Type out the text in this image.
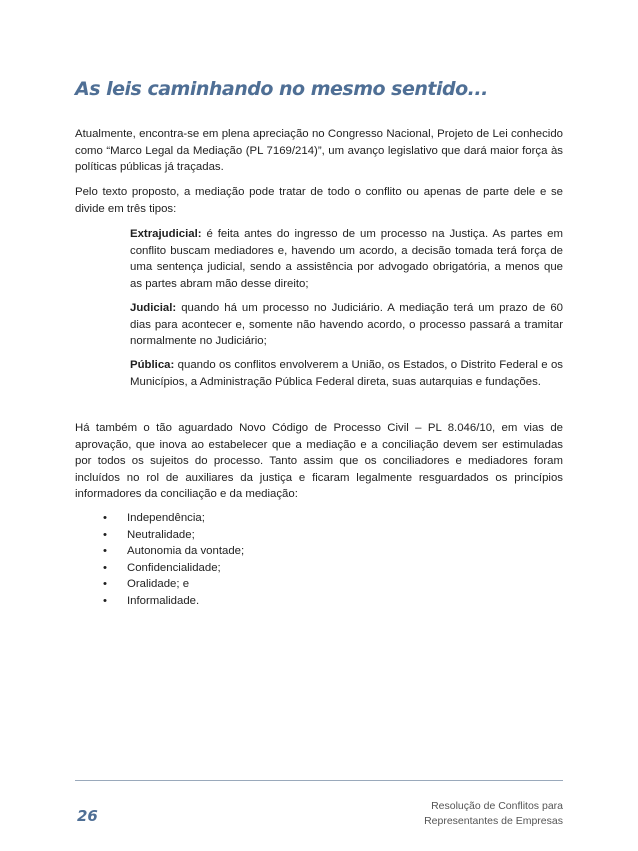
As leis caminhando no mesmo sentido...

Atualmente, encontra-se em plena apreciação no Congresso Nacional, Projeto de Lei conhecido como “Marco Legal da Mediação (PL 7169/214)”, um avanço legislativo que dará maior força às políticas públicas já traçadas.

Pelo texto proposto, a mediação pode tratar de todo o conflito ou apenas de parte dele e se divide em três tipos:

Extrajudicial: é feita antes do ingresso de um processo na Justiça. As partes em conflito buscam mediadores e, havendo um acordo, a decisão tomada terá força de uma sentença judicial, sendo a assistência por advogado obrigatória, a menos que as partes abram mão desse direito;

Judicial: quando há um processo no Judiciário. A mediação terá um prazo de 60 dias para acontecer e, somente não havendo acordo, o processo passará a tramitar normalmente no Judiciário;

Pública: quando os conflitos envolverem a União, os Estados, o Distrito Federal e os Municípios, a Administração Pública Federal direta, suas autarquias e fundações.

Há também o tão aguardado Novo Código de Processo Civil – PL 8.046/10, em vias de aprovação, que inova ao estabelecer que a mediação e a conciliação devem ser estimuladas por todos os sujeitos do processo. Tanto assim que os conciliadores e mediadores foram incluídos no rol de auxiliares da justiça e ficaram legalmente resguardados os princípios informadores da conciliação e da mediação:

• Independência;
• Neutralidade;
• Autonomia da vontade;
• Confidencialidade;
• Oralidade; e
• Informalidade.
26
Resolução de Conflitos para
Representantes de Empresas
